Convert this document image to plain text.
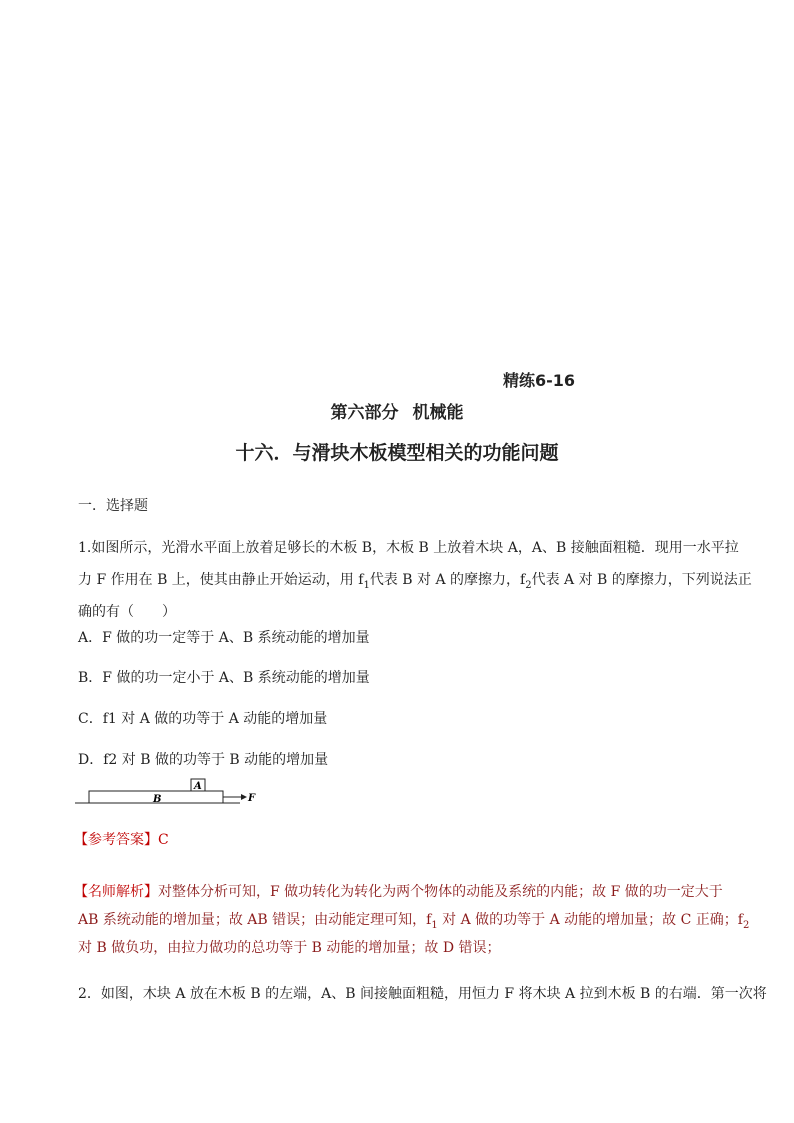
精练6-16
第六部分 机械能
十六．与滑块木板模型相关的功能问题
一．选择题
1.如图所示，光滑水平面上放着足够长的木板 B，木板 B 上放着木块 A，A、B 接触面粗糙．现用一水平拉
力 F 作用在 B 上，使其由静止开始运动，用 $f_1$代表 B 对 A 的摩擦力，$f_2$代表 A 对 B 的摩擦力，下列说法正
确的有（　　）
A．F 做的功一定等于 A、B 系统动能的增加量
B．F 做的功一定小于 A、B 系统动能的增加量
C．f1 对 A 做的功等于 A 动能的增加量
D．f2 对 B 做的功等于 B 动能的增加量
A
B	F
【参考答案】C
【名师解析】对整体分析可知，F 做功转化为转化为两个物体的动能及系统的内能；故 F 做的功一定大于
AB 系统动能的增加量；故 AB 错误；由动能定理可知，$f_1$ 对 A 做的功等于 A 动能的增加量；故 C 正确；$f_2$
对 B 做负功，由拉力做功的总功等于 B 动能的增加量；故 D 错误；
2．如图，木块 A 放在木板 B 的左端，A、B 间接触面粗糙，用恒力 F 将木块 A 拉到木板 B 的右端．第一次将
